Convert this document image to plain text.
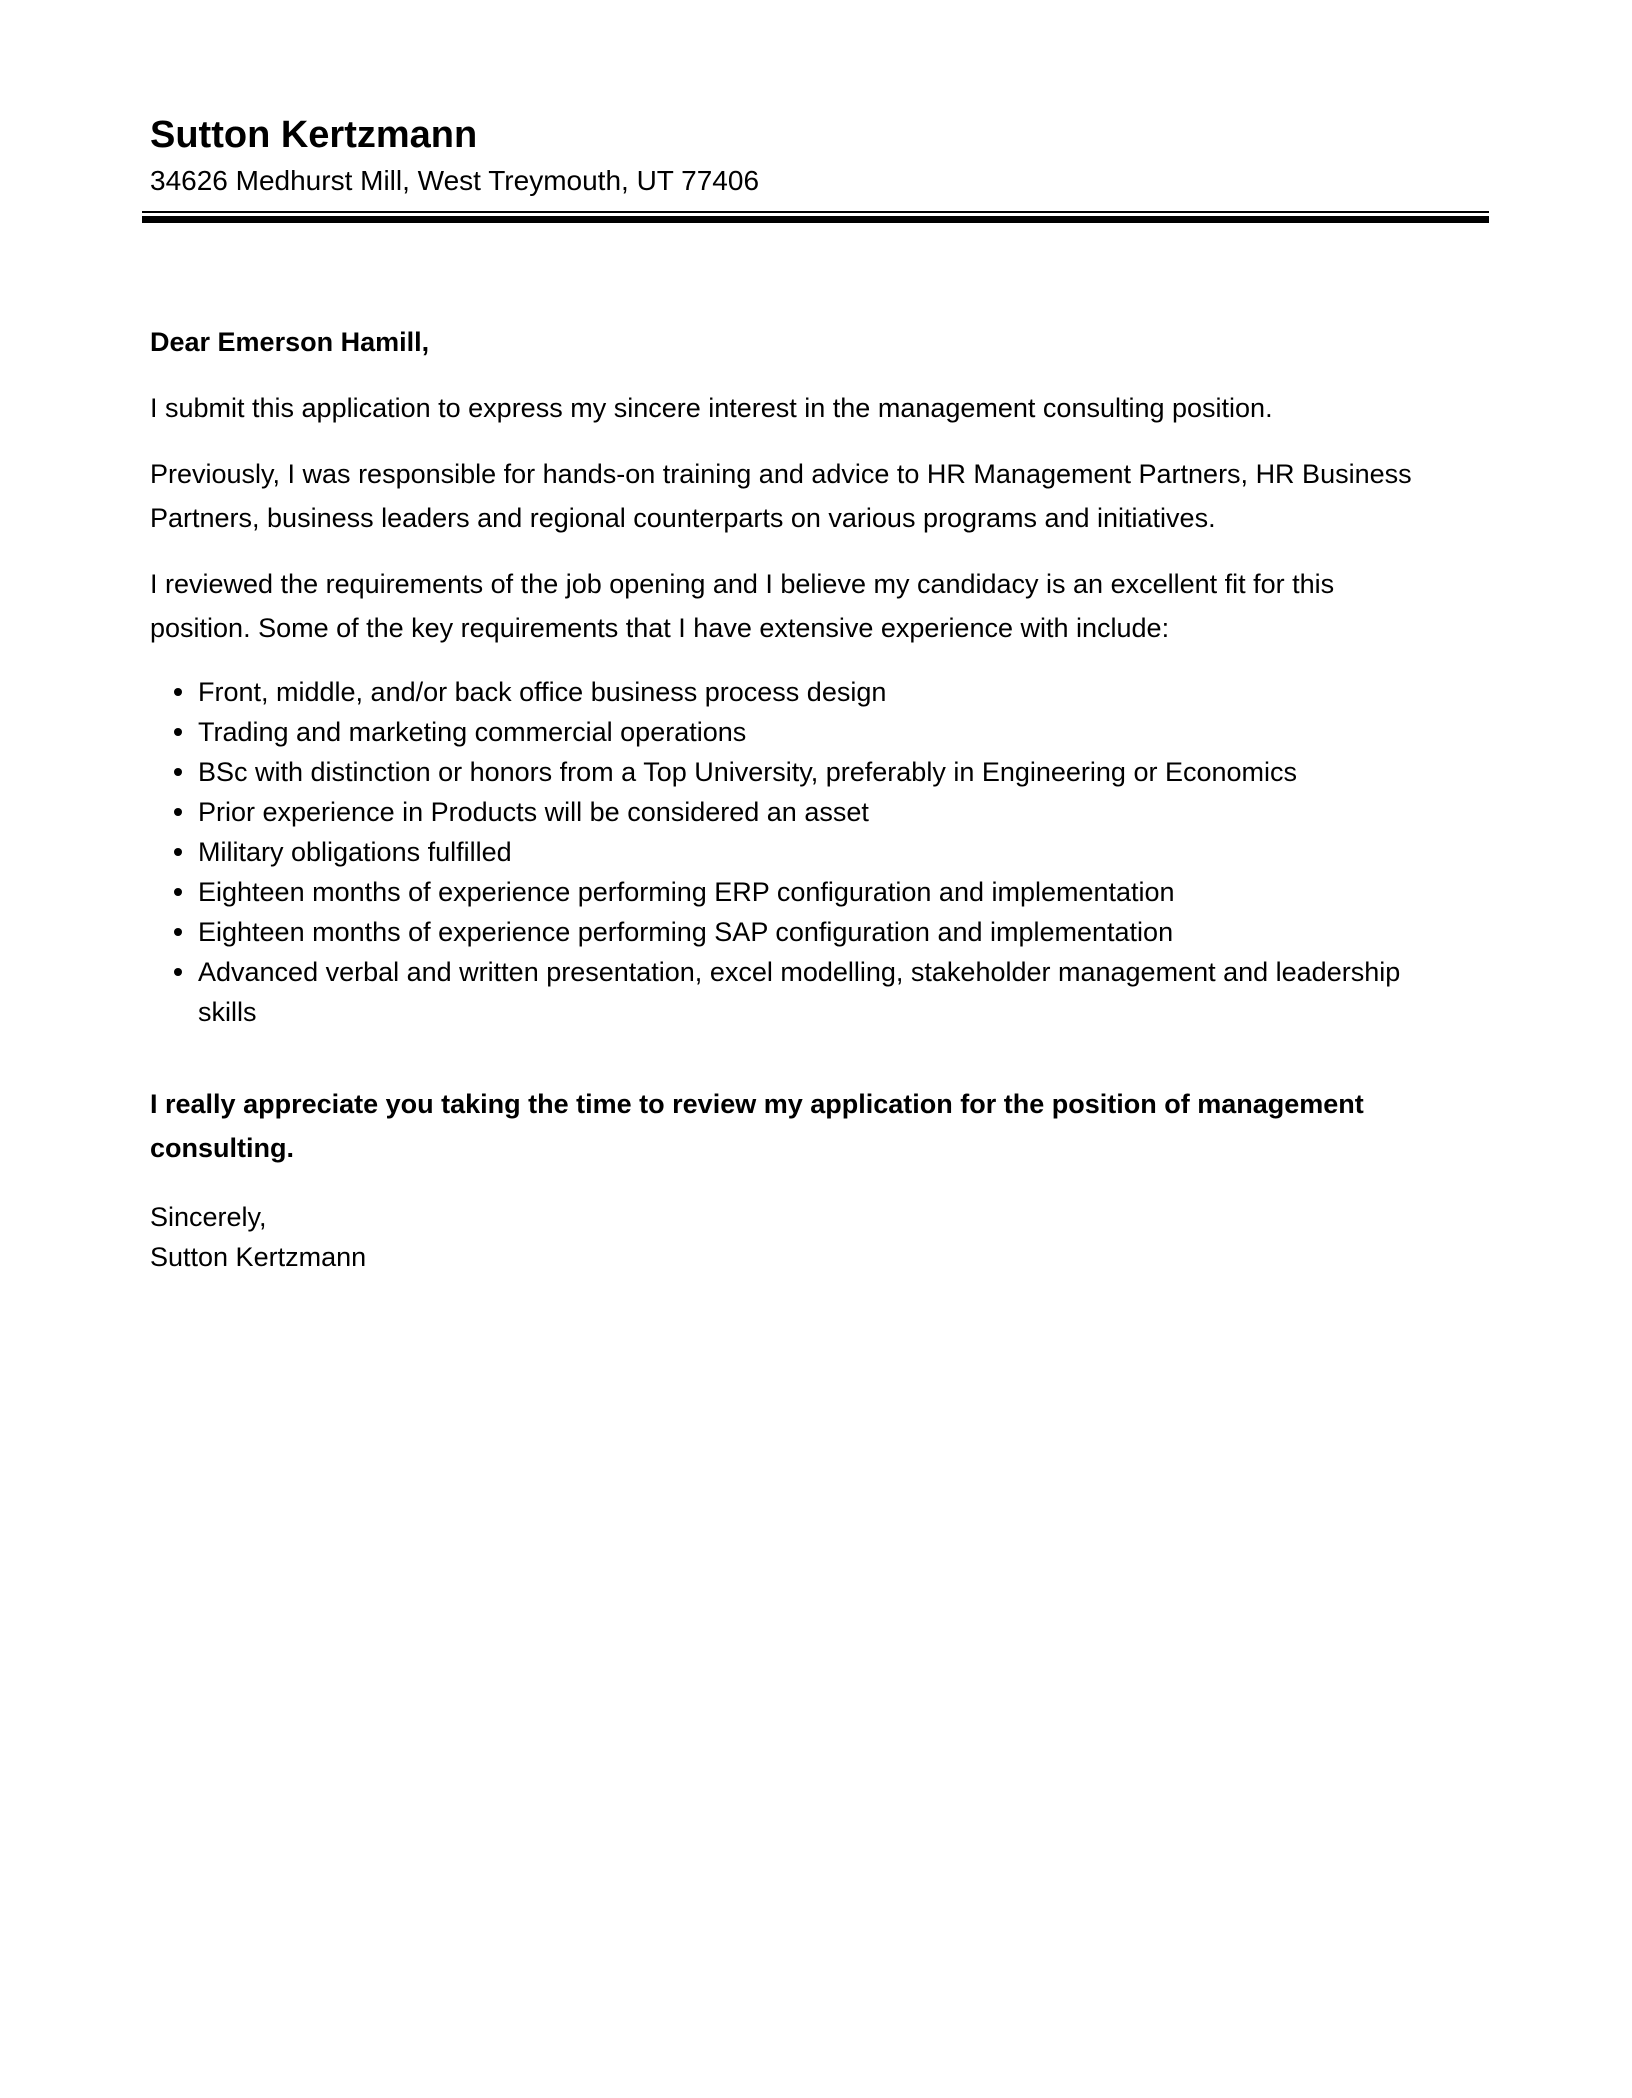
Sutton Kertzmann

34626 Medhurst Mill, West Treymouth, UT 77406

Dear Emerson Hamill,

I submit this application to express my sincere interest in the management consulting position.

Previously, I was responsible for hands-on training and advice to HR Management Partners, HR Business Partners, business leaders and regional counterparts on various programs and initiatives.

I reviewed the requirements of the job opening and I believe my candidacy is an excellent fit for this position. Some of the key requirements that I have extensive experience with include:

Front, middle, and/or back office business process design
Trading and marketing commercial operations
BSc with distinction or honors from a Top University, preferably in Engineering or Economics
Prior experience in Products will be considered an asset
Military obligations fulfilled
Eighteen months of experience performing ERP configuration and implementation
Eighteen months of experience performing SAP configuration and implementation
Advanced verbal and written presentation, excel modelling, stakeholder management and leadership skills

I really appreciate you taking the time to review my application for the position of management consulting.

Sincerely,

Sutton Kertzmann
